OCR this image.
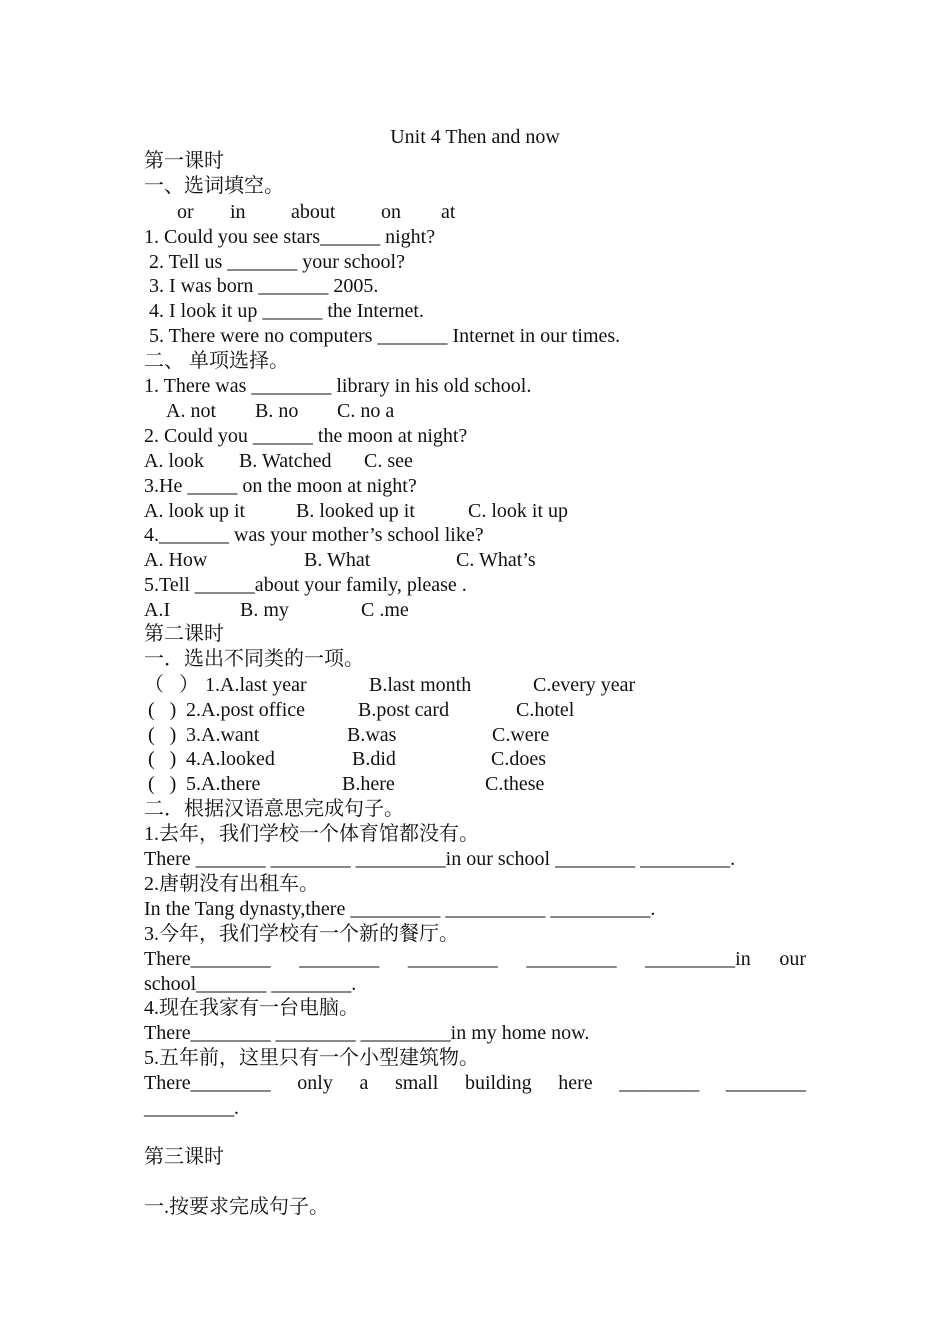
Unit 4 Then and now
第一课时
一、选词填空。
or in about on at
1. Could you see stars______ night?
2. Tell us _______ your school?
3. I was born _______ 2005.
4. I look it up ______ the Internet.
5. There were no computers _______ Internet in our times.
二、 单项选择。
1. There was ________ library in his old school.
A. not B. no C. no a
2. Could you ______ the moon at night?
A. look B. Watched C. see
3.He _____ on the moon at night?
A. look up it	B. looked up it	C. look it up
4._______ was your mother’s school like?
A. How	B. What	C. What’s
5.Tell ______about your family, please .
A.I	B. my	C .me
第二课时
一．选出不同类的一项。
（   ） 1.A.last year	B.last month	C.every year
(   ) 2.A.post office	B.post card	C.hotel
(   ) 3.A.want	B.was	C.were
(   ) 4.A.looked	B.did	C.does
(   ) 5.A.there	B.here	C.these
二．根据汉语意思完成句子。
1.去年，我们学校一个体育馆都没有。
There _______ ________ _________in our school ________ _________.
2.唐朝没有出租车。
In the Tang dynasty,there _________ __________ __________.
3.今年，我们学校有一个新的餐厅。
There________ ________ _________ _________ _________in our
school_______ ________.
4.现在我家有一台电脑。
There________ ________ _________in my home now.
5.五年前，这里只有一个小型建筑物。
There________ only a small building here ________ ________
_________.
第三课时
一.按要求完成句子。
